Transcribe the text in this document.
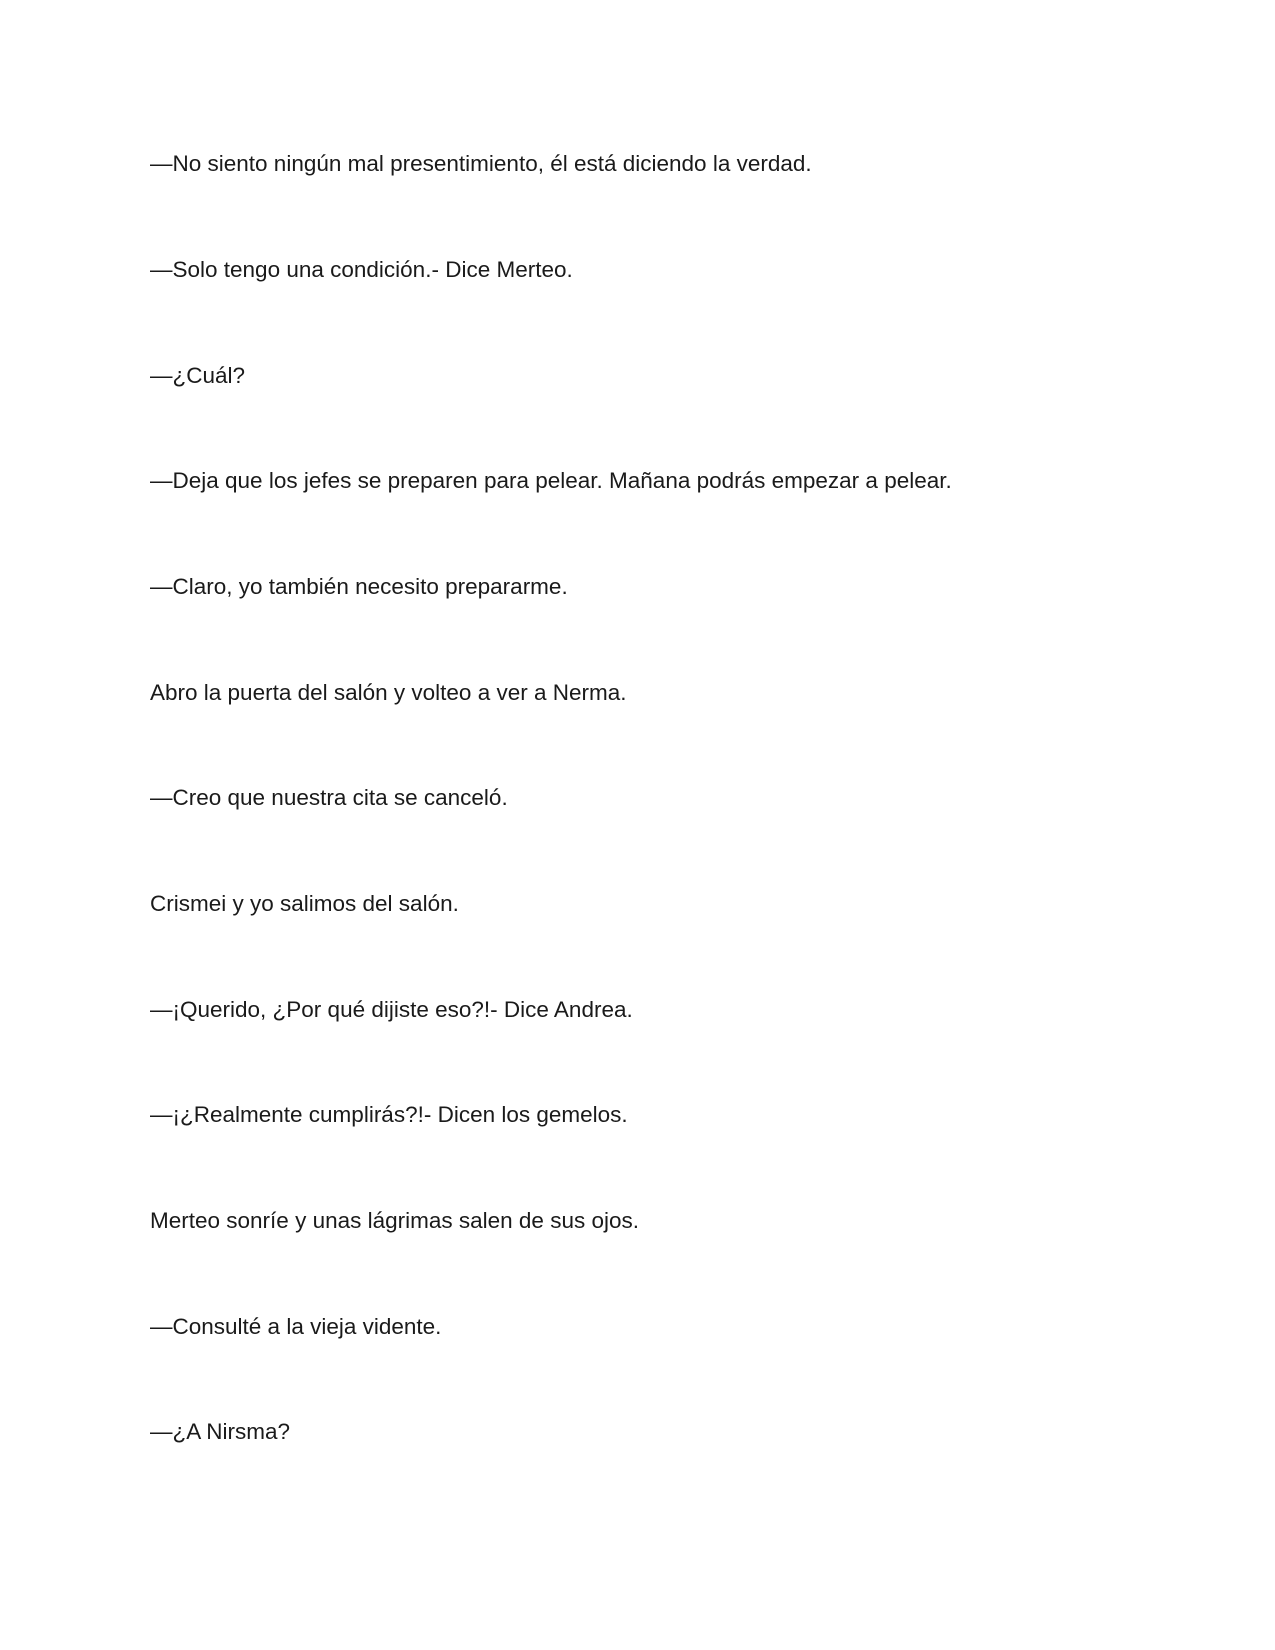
—No siento ningún mal presentimiento, él está diciendo la verdad.

—Solo tengo una condición.- Dice Merteo.

—¿Cuál?

—Deja que los jefes se preparen para pelear. Mañana podrás empezar a pelear.

—Claro, yo también necesito prepararme.

Abro la puerta del salón y volteo a ver a Nerma.

—Creo que nuestra cita se canceló.

Crismei y yo salimos del salón.

—¡Querido, ¿Por qué dijiste eso?!- Dice Andrea.

—¡¿Realmente cumplirás?!- Dicen los gemelos.

Merteo sonríe y unas lágrimas salen de sus ojos.

—Consulté a la vieja vidente.

—¿A Nirsma?
